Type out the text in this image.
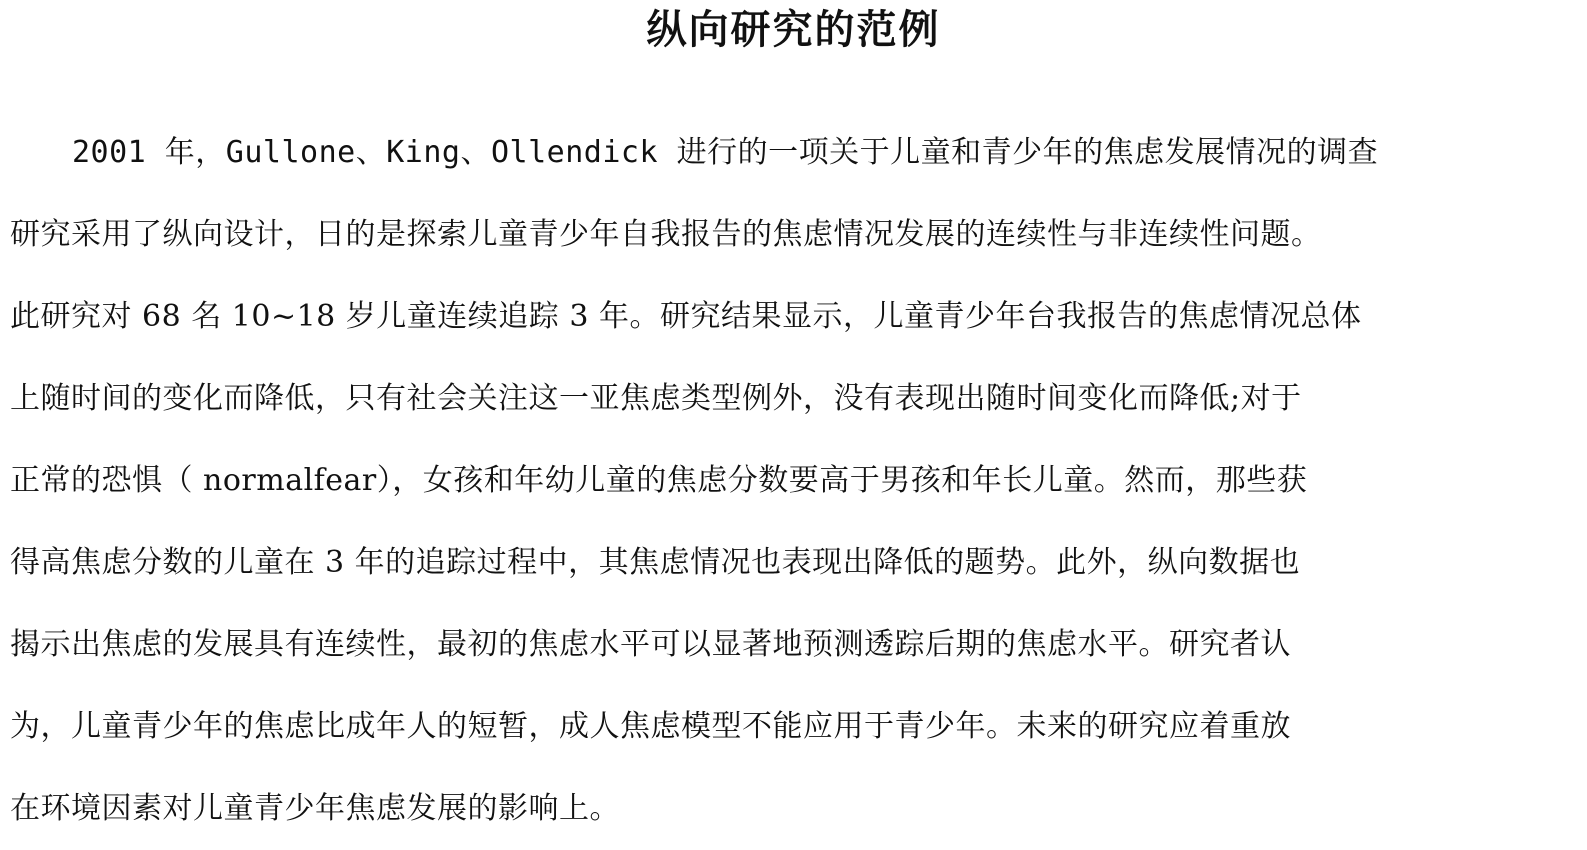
纵向研究的范例
2001 年，Gullone、King、Ollendick 进行的一项关于儿童和青少年的焦虑发展情况的调查
研究采用了纵向设计，日的是探索儿童青少年自我报告的焦虑情况发展的连续性与非连续性问题。
此研究对 68 名 10~18 岁儿童连续追踪 3 年。研究结果显示，儿童青少年台我报告的焦虑情况总体
上随时间的变化而降低，只有社会关注这一亚焦虑类型例外，没有表现出随时间变化而降低;对于
正常的恐惧（ normalfear），女孩和年幼儿童的焦虑分数要高于男孩和年长儿童。然而，那些获
得高焦虑分数的儿童在 3 年的追踪过程中，其焦虑情况也表现出降低的题势。此外，纵向数据也
揭示出焦虑的发展具有连续性，最初的焦虑水平可以显著地预测透踪后期的焦虑水平。研究者认
为，儿童青少年的焦虑比成年人的短暂，成人焦虑模型不能应用于青少年。未来的研究应着重放
在环境因素对儿童青少年焦虑发展的影响上。
